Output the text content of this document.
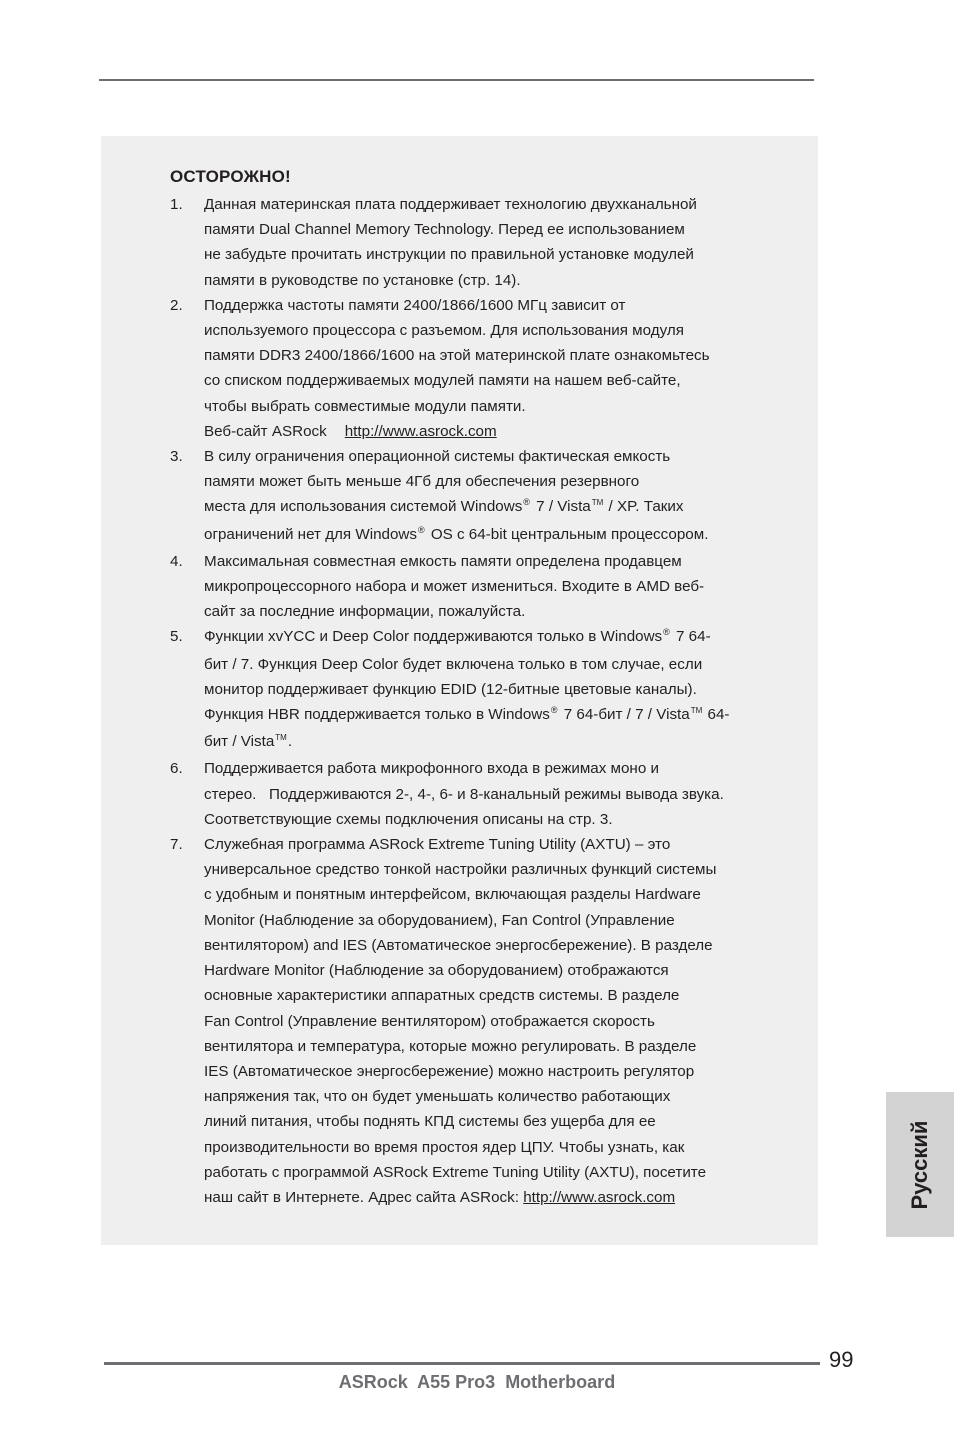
ОСТОРОЖНО!
1. Данная материнская плата поддерживает технологию двухканальной
памяти Dual Channel Memory Technology. Перед ее использованием
не забудьте прочитать инструкции по правильной установке модулей
памяти в руководстве по установке (стр. 14).
2. Поддержка частоты памяти 2400/1866/1600 МГц зависит от
используемого процессора с разъемом. Для использования модуля
памяти DDR3 2400/1866/1600 на этой материнской плате ознакомьтесь
со списком поддерживаемых модулей памяти на нашем веб-сайте,
чтобы выбрать совместимые модули памяти.
Веб-сайт ASRock http://www.asrock.com
3. В силу ограничения операционной системы фактическая емкость
памяти может быть меньше 4Гб для обеспечения резервного
места для использования системой Windows® 7 / Vista™ / XP. Таких
ограничений нет для Windows® OS с 64-bit центральным процессором.
4. Максимальная совместная емкость памяти определена продавцем
микропроцессорного набора и может измениться. Входите в AMD веб-
сайт за последние информации, пожалуйста.
5. Функции xvYCC и Deep Color поддерживаются только в Windows® 7 64-
бит / 7. Функция Deep Color будет включена только в том случае, если
монитор поддерживает функцию EDID (12-битные цветовые каналы).
Функция HBR поддерживается только в Windows® 7 64-бит / 7 / Vista™ 64-
бит / Vista™.
6. Поддерживается работа микрофонного входа в режимах моно и
стерео.   Поддерживаются 2-, 4-, 6- и 8-канальный режимы вывода звука.
Соответствующие схемы подключения описаны на стр. 3.
7. Служебная программа ASRock Extreme Tuning Utility (AXTU) – это
универсальное средство тонкой настройки различных функций системы
с удобным и понятным интерфейсом, включающая разделы Hardware
Monitor (Наблюдение за оборудованием), Fan Control (Управление
вентилятором) and IES (Автоматическое энергосбережение). В разделе
Hardware Monitor (Наблюдение за оборудованием) отображаются
основные характеристики аппаратных средств системы. В разделе
Fan Control (Управление вентилятором) отображается скорость
вентилятора и температура, которые можно регулировать. В разделе
IES (Автоматическое энергосбережение) можно настроить регулятор
напряжения так, что он будет уменьшать количество работающих
линий питания, чтобы поднять КПД системы без ущерба для ее
производительности во время простоя ядер ЦПУ. Чтобы узнать, как
работать с программой ASRock Extreme Tuning Utility (AXTU), посетите
наш сайт в Интернете. Адрес сайта ASRock: http://www.asrock.com	Русский
99
ASRock  A55 Pro3  Motherboard
